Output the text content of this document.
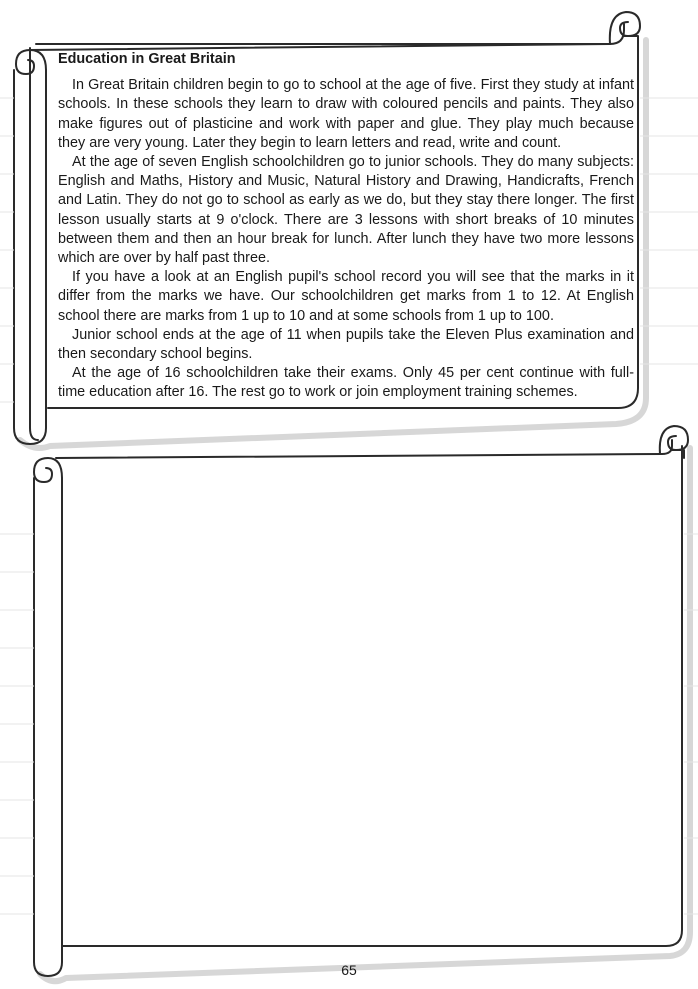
Education in Great Britain

In Great Britain children begin to go to school at the age of five. First they study at infant schools. In these schools they learn to draw with coloured pencils and paints. They also make figures out of plasticine and work with paper and glue. They play much because they are very young. Later they begin to learn letters and read, write and count.

At the age of seven English schoolchildren go to junior schools. They do many subjects: English and Maths, History and Music, Natural History and Drawing, Handicrafts, French and Latin. They do not go to school as early as we do, but they stay there longer. The first lesson usually starts at 9 o'clock. There are 3 lessons with short breaks of 10 minutes between them and then an hour break for lunch. After lunch they have two more lessons which are over by half past three.

If you have a look at an English pupil's school record you will see that the marks in it differ from the marks we have. Our schoolchildren get marks from 1 to 12. At English school there are marks from 1 up to 10 and at some schools from 1 up to 100.

Junior school ends at the age of 11 when pupils take the Eleven Plus examination and then secondary school begins.

At the age of 16 schoolchildren take their exams. Only 45 per cent continue with full-time education after 16. The rest go to work or join employment training schemes.

65
